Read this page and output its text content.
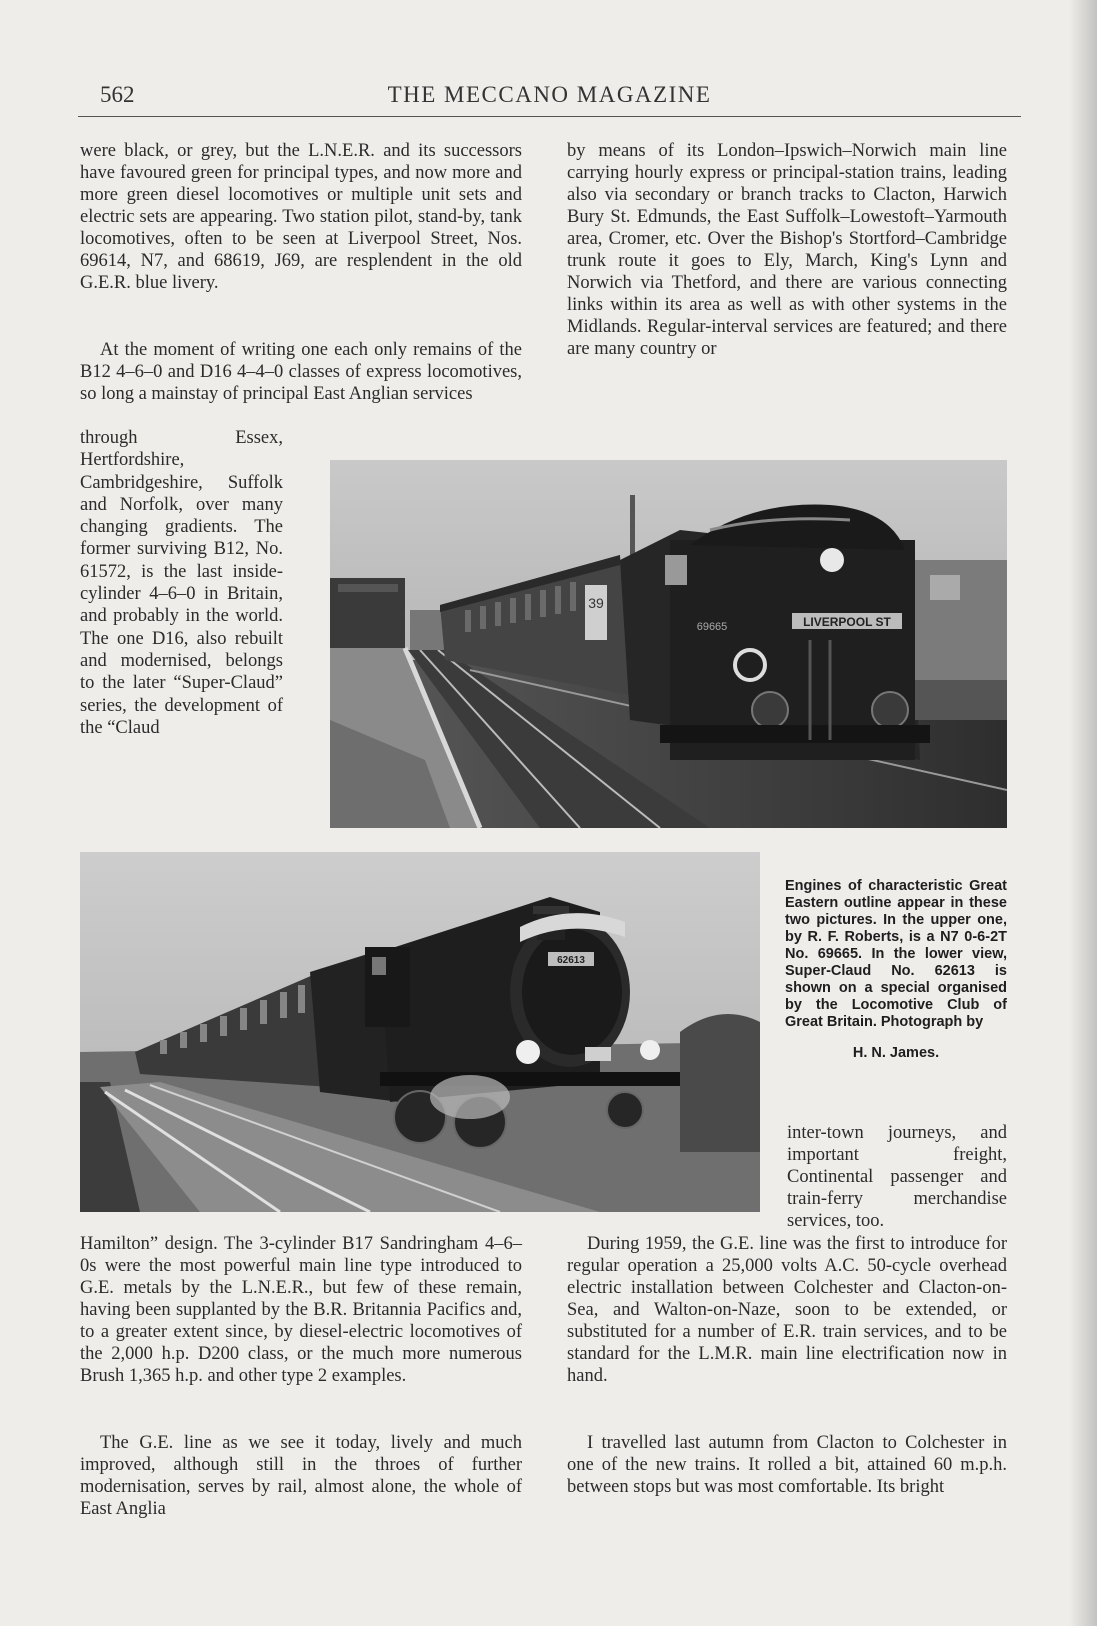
562	THE MECCANO MAGAZINE

were black, or grey, but the L.N.E.R. and its successors have favoured green for principal types, and now more and more green diesel locomotives or multiple unit sets and electric sets are appearing. Two station pilot, stand-by, tank locomotives, often to be seen at Liverpool Street, Nos. 69614, N7, and 68619, J69, are resplendent in the old G.E.R. blue livery.

At the moment of writing one each only remains of the B12 4–6–0 and D16 4–4–0 classes of express locomotives, so long a mainstay of principal East Anglian services

through Essex, Hertfordshire, Cambridgeshire, Suffolk and Norfolk, over many changing gradients. The former surviving B12, No. 61572, is the last inside-cylinder 4–6–0 in Britain, and probably in the world. The one D16, also rebuilt and modernised, belongs to the later “Super-Claud” series, the development of the “Claud

by means of its London–Ipswich–Norwich main line carrying hourly express or principal-station trains, leading also via secondary or branch tracks to Clacton, Harwich Bury St. Edmunds, the East Suffolk–Lowestoft–Yarmouth area, Cromer, etc. Over the Bishop's Stortford–Cambridge trunk route it goes to Ely, March, King's Lynn and Norwich via Thetford, and there are various connecting links within its area as well as with other systems in the Midlands. Regular-interval services are featured; and there are many country or

39
LIVERPOOL ST
69665
62613

Engines of characteristic Great Eastern outline appear in these two pictures. In the upper one, by R. F. Roberts, is a N7 0-6-2T No. 69665. In the lower view, Super-Claud No. 62613 is shown on a special organised by the Locomotive Club of Great Britain. Photograph by

H. N. James.

inter-town journeys, and important freight, Continental passenger and train-ferry merchandise services, too.

Hamilton” design. The 3-cylinder B17 Sandringham 4–6–0s were the most powerful main line type introduced to G.E. metals by the L.N.E.R., but few of these remain, having been supplanted by the B.R. Britannia Pacifics and, to a greater extent since, by diesel-electric locomotives of the 2,000 h.p. D200 class, or the much more numerous Brush 1,365 h.p. and other type 2 examples.

The G.E. line as we see it today, lively and much improved, although still in the throes of further modernisation, serves by rail, almost alone, the whole of East Anglia

During 1959, the G.E. line was the first to introduce for regular operation a 25,000 volts A.C. 50-cycle overhead electric installation between Colchester and Clacton-on-Sea, and Walton-on-Naze, soon to be extended, or substituted for a number of E.R. train services, and to be standard for the L.M.R. main line electrification now in hand.

I travelled last autumn from Clacton to Colchester in one of the new trains. It rolled a bit, attained 60 m.p.h. between stops but was most comfortable. Its bright
